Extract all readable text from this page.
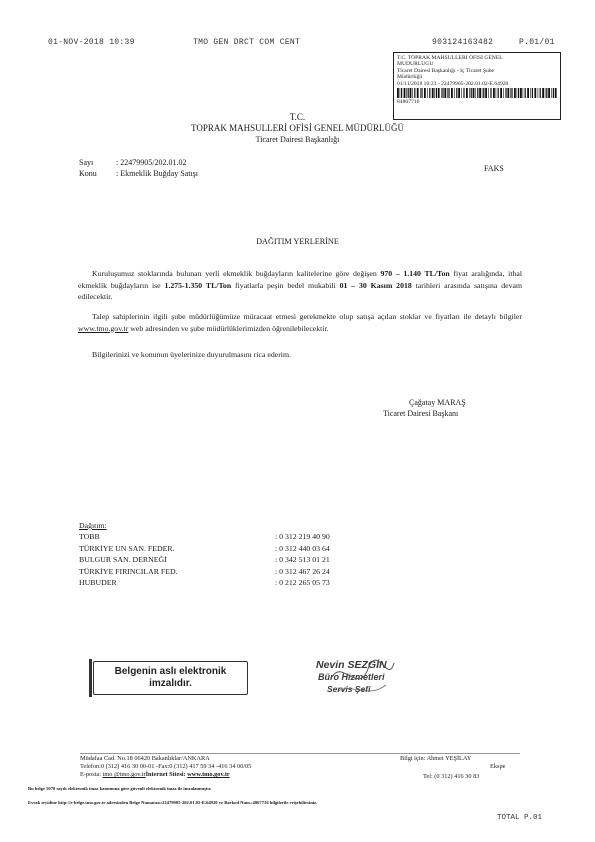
01-NOV-2018 10:39	TMO GEN DRCT COM CENT	903124163482	P.01/01
T.C. TOPRAK MAHSULLERİ OFİSİ GENEL
MÜDÜRLÜĞÜ
Ticaret Dairesi Başkanlığı - İç Ticaret Şube
Müdürlüğü
01/11/2018 10:23 - 22479905-202.01.02-E.64920
84867716
T.C.
TOPRAK MAHSULLERİ OFİSİ GENEL MÜDÜRLÜĞÜ
Ticaret Dairesi Başkanlığı
Sayı	: 22479905/202.01.02
Konu : Ekmeklik Buğday Satışı
FAKS
DAĞITIM YERLERİNE
Kuruluşumuz stoklarında bulunan yerli ekmeklik buğdayların kalitelerine göre değişen 970 – 1.140 TL/Ton fiyat aralığında, ithal ekmeklik buğdayların ise 1.275-1.350 TL/Ton fiyatlarla peşin bedel mukabili 01 – 30 Kasım 2018 tarihleri arasında satışına devam edilecektir.
Talep sahiplerinin ilgili şube müdürlüğümüze müracaat etmesi gerekmekte olup satışa açılan stoklar ve fiyatları ile detaylı bilgiler www.tmo.gov.tr web adresinden ve şube müdürlüklerimizden öğrenilebilecektir.
Bilgilerinizi ve konunun üyelerinize duyurulmasını rica ederim.
Çağatay MARAŞ
Ticaret Dairesi Başkanı
Dağıtım:
TOBB	: 0 312 219 40 90
TÜRKİYE UN SAN. FEDER.	: 0 312 440 03 64
BULGUR SAN. DERNEĞİ	: 0 342 513 01 21
TÜRKİYE FIRINCILAR FED.	: 0 312 467 26 24
HUBUDER	: 0 212 265 05 73
Belgenin aslı elektronik
imzalıdır.
Nevin SEZGİN
Büro Hizmetleri
Servis Şefi
Müdafaa Cad. No.18 06420 Bakanlıklar/ANKARA
Telefon:0 (312) 416 30 00-01 -Fax:0 (312) 417 59 34 -416 34 00/05
E-posta: tmo @tmo.gov.trİnternet Sitesi: www.tmo.gov.tr
Bilgi için: Ahmet YEŞİLAY
Ekspe
Tel: (0 312) 416 30 83
Bu belge 5070 sayılı elektronik imza kanununa göre güvenli elektronik imza ile imzalanmıştır.
Evrak teyidine http://e-belge.tmo.gov.tr adresinden Belge Numarası:22479905-202.01.02-E.64920 ve Barkod Num.:4867716 bilgilerile erişebilirsiniz.
TOTAL P.01
